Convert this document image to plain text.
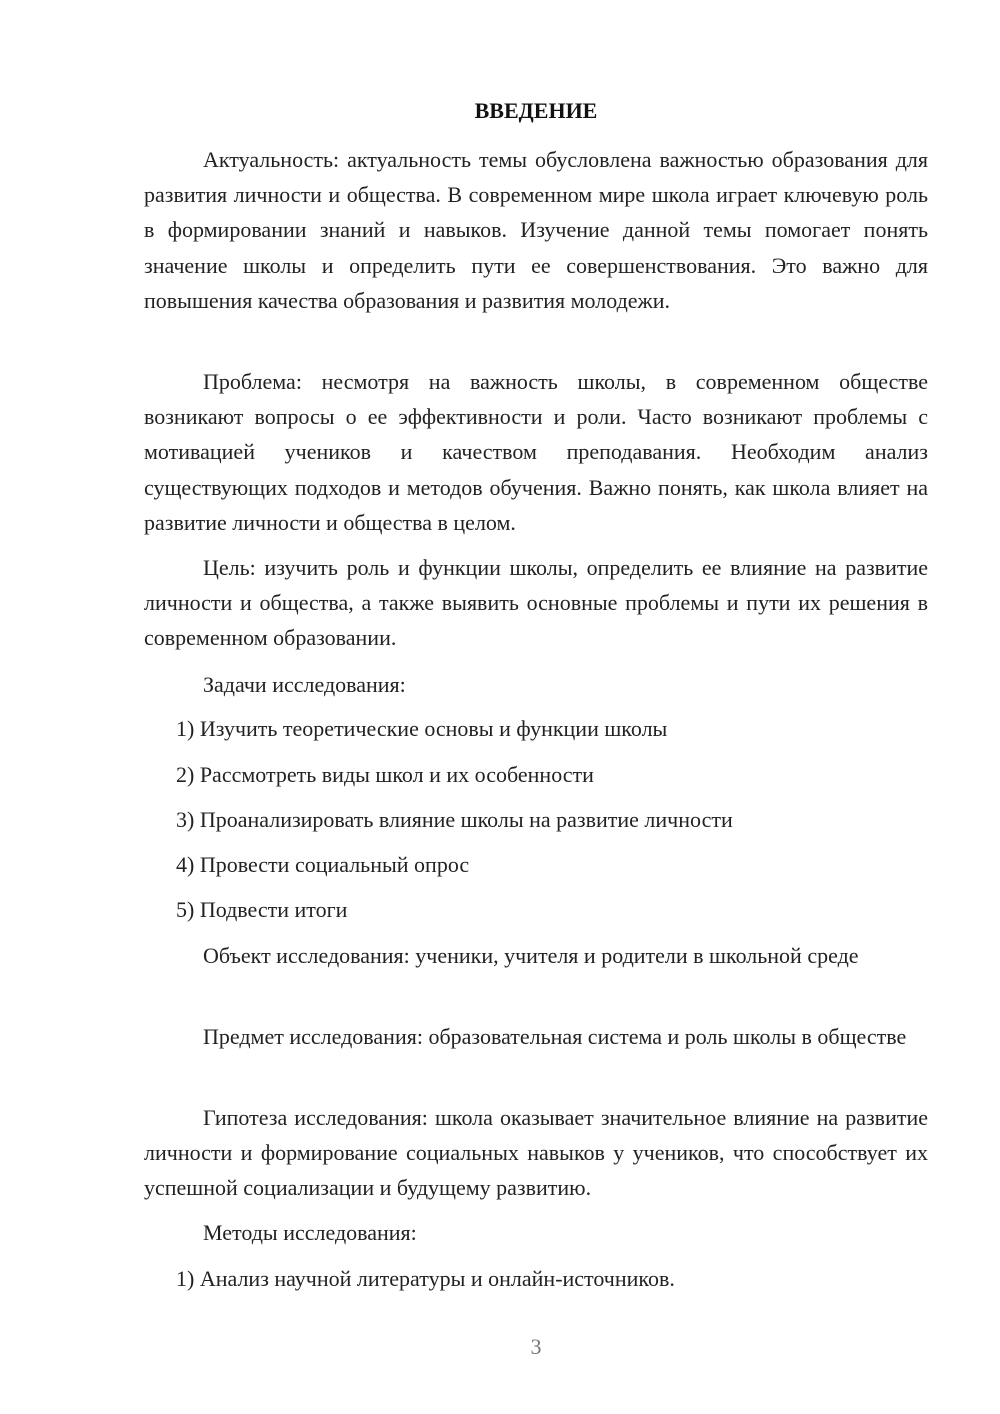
ВВЕДЕНИЕ

Актуальность: актуальность темы обусловлена важностью образования для развития личности и общества. В современном мире школа играет ключевую роль в формировании знаний и навыков. Изучение данной темы помогает понять значение школы и определить пути ее совершенствования. Это важно для повышения качества образования и развития молодежи.

Проблема: несмотря на важность школы, в современном обществе возникают вопросы о ее эффективности и роли. Часто возникают проблемы с мотивацией учеников и качеством преподавания. Необходим анализ существующих подходов и методов обучения. Важно понять, как школа влияет на развитие личности и общества в целом.

Цель: изучить роль и функции школы, определить ее влияние на развитие личности и общества, а также выявить основные проблемы и пути их решения в современном образовании.

Задачи исследования:

1) Изучить теоретические основы и функции школы

2) Рассмотреть виды школ и их особенности

3) Проанализировать влияние школы на развитие личности

4) Провести социальный опрос

5) Подвести итоги

Объект исследования: ученики, учителя и родители в школьной среде

Предмет исследования: образовательная система и роль школы в обществе

Гипотеза исследования: школа оказывает значительное влияние на развитие личности и формирование социальных навыков у учеников, что способствует их успешной социализации и будущему развитию.

Методы исследования:

1) Анализ научной литературы и онлайн-источников.

3
